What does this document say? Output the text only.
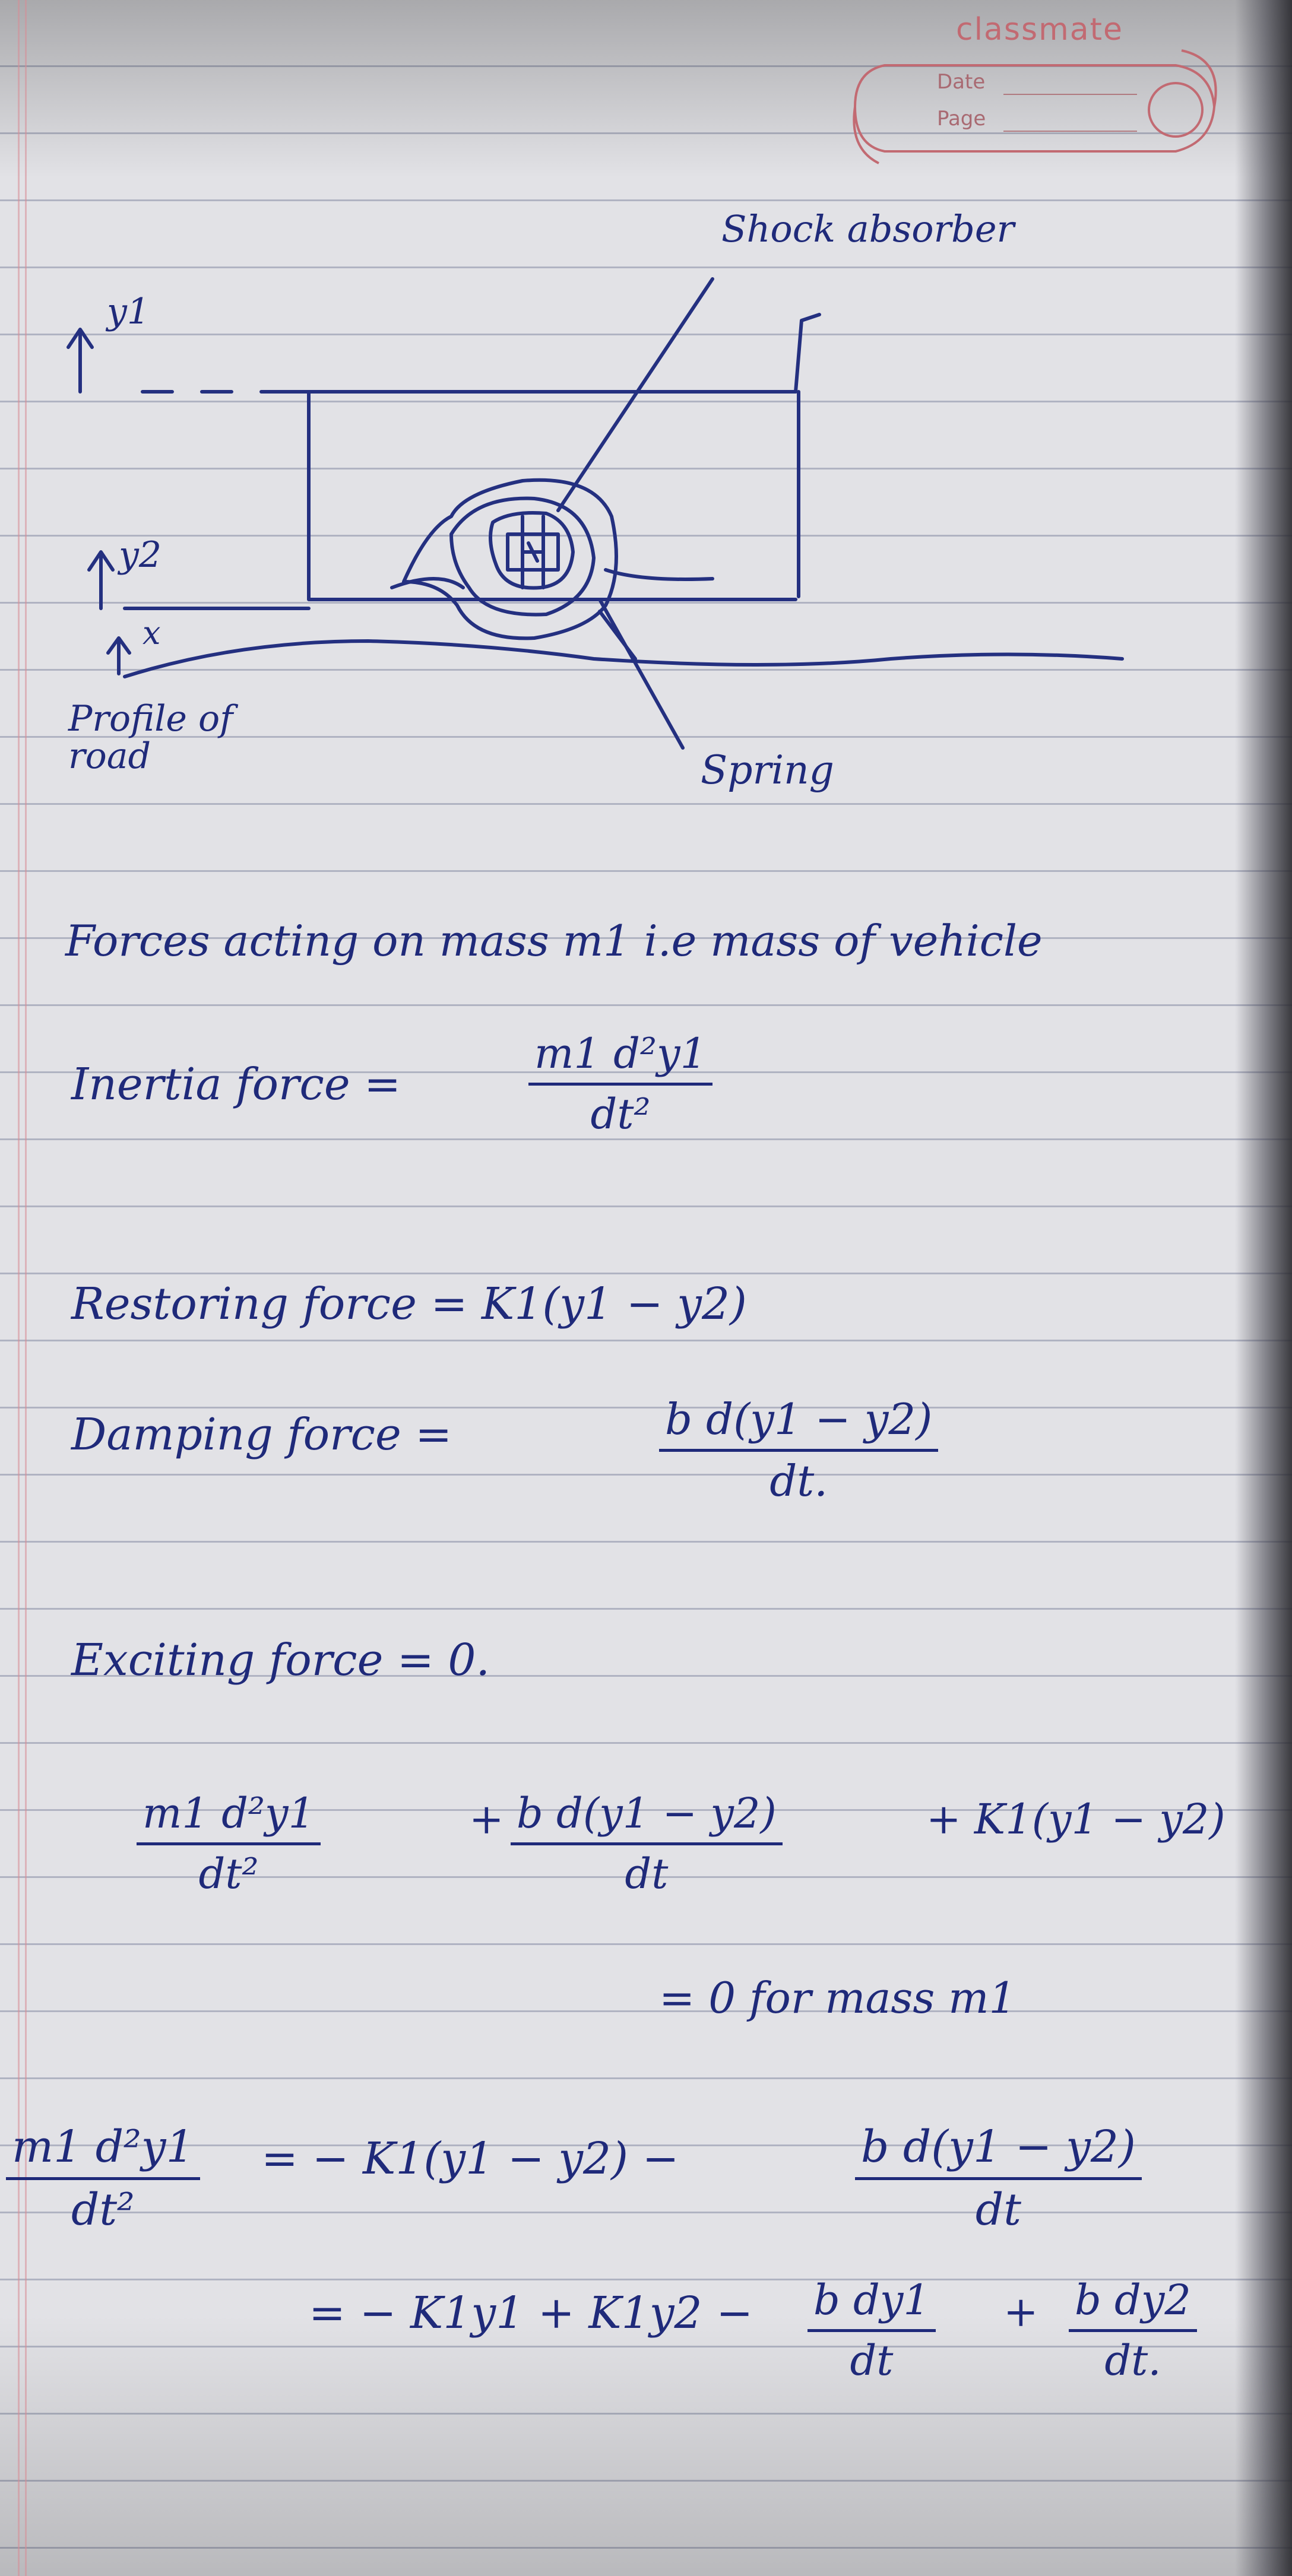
classmate
Date
Page
Shock absorber
y1
y2
x
Profile of road	Spring
Forces acting on mass m1 i.e mass of vehicle
Inertia force =	$\frac{\text{m1 d²y1}}{\text{dt²}}$
Restoring force = K1(y1 − y2)
Damping force =	$\frac{\text{b d(y1 − y2)}}{dt.}$
Exciting force = 0.
$\frac{\text{m1 d²y1}}{\text{dt²}}$	+ $\frac{\text{b d(y1 − y2)}}{dt}$	+ K1(y1 − y2)
= 0 for mass m1
$\frac{\text{m1 d²y1}}{\text{dt²}}$ = − K1(y1 − y2) −	$\frac{\text{b d(y1 − y2)}}{dt}$
= − $K1y1 + K1y2 - \frac{\text{b dy1}}{dt} + \frac{\text{b dy2}}{dt.}$
